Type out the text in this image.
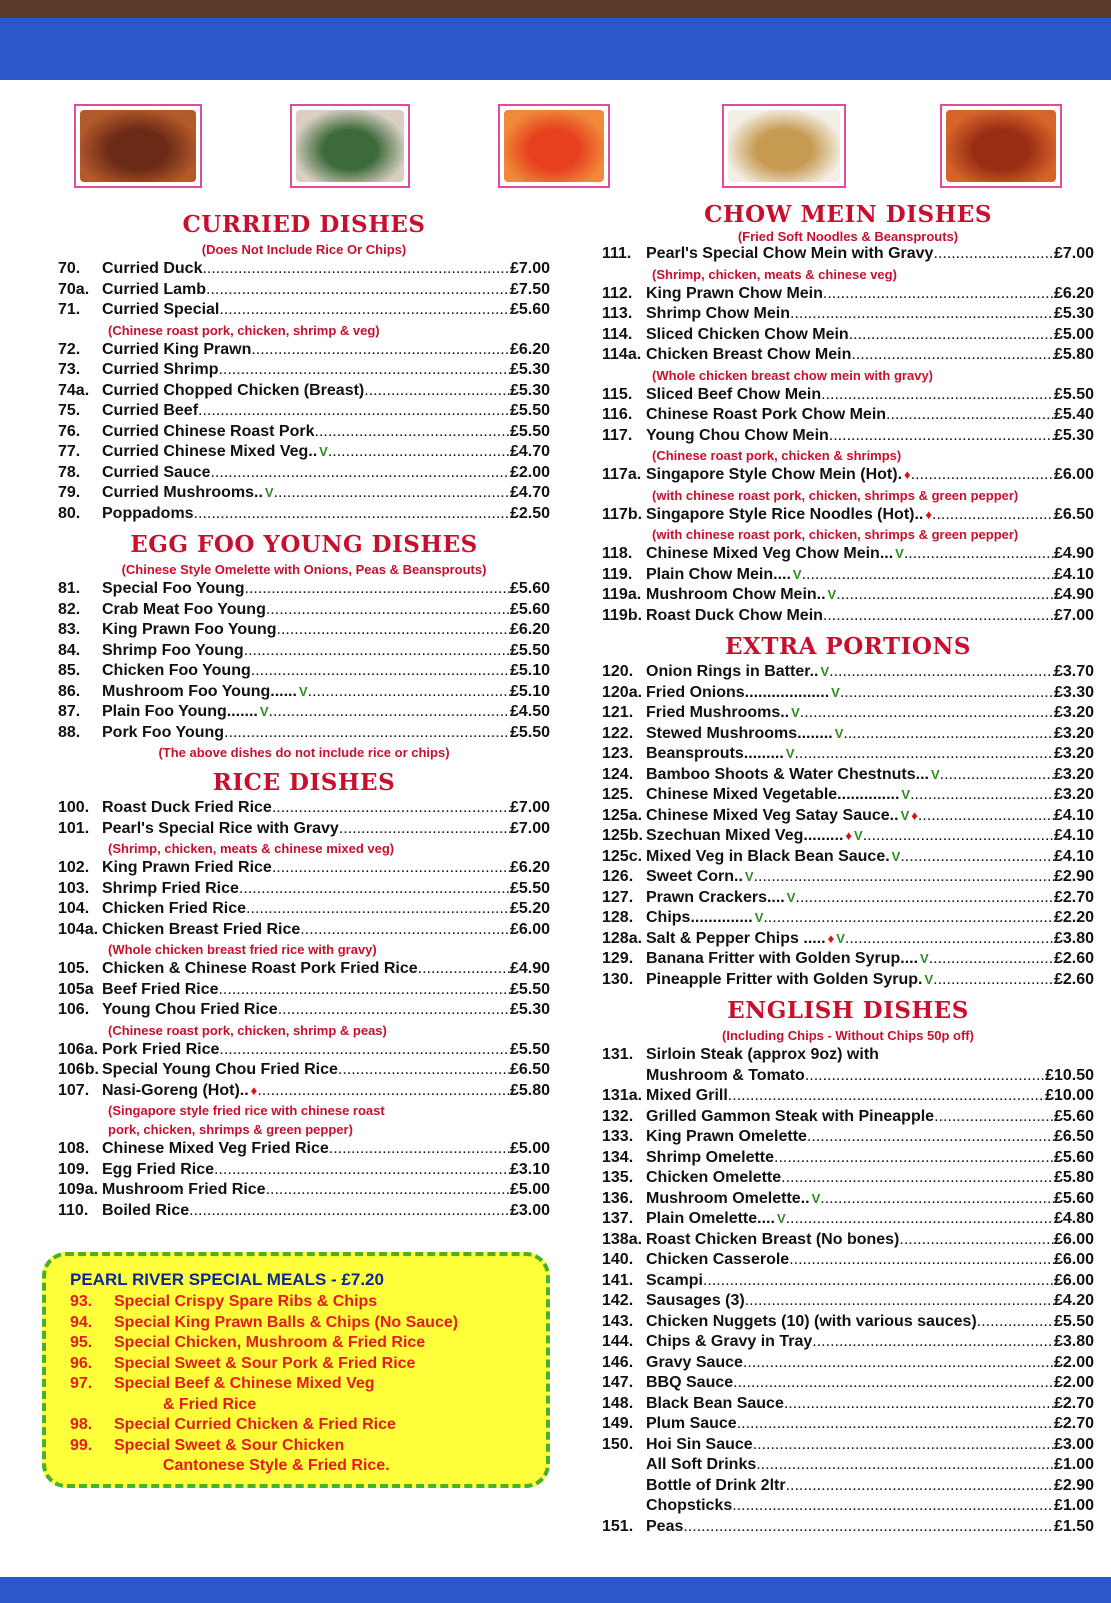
CURRIED DISHES
(Does Not Include Rice Or Chips)
70.	Curried Duck .....	£7.00
70a. Curried Lamb .....	£7.50
71.	Curried Special .....	£5.60
(Chinese roast pork, chicken, shrimp & veg)
72.	Curried King Prawn .....	£6.20
73.	Curried Shrimp .....	£5.30
74a. Curried Chopped Chicken (Breast) .....	£5.30
75.	Curried Beef .....	£5.50
76.	Curried Chinese Roast Pork .....	£5.50
77.	Curried Chinese Mixed Veg.. V .....	£4.70
78.	Curried Sauce .....	£2.00
79.	Curried Mushrooms.. V .....	£4.70
80.	Poppadoms .....	£2.50
EGG FOO YOUNG DISHES
(Chinese Style Omelette with Onions, Peas & Beansprouts)
81.	Special Foo Young .....	£5.60
82.	Crab Meat Foo Young .....	£5.60
83.	King Prawn Foo Young .....	£6.20
84.	Shrimp Foo Young .....	£5.50
85.	Chicken Foo Young .....	£5.10
86.	Mushroom Foo Young...... V .....	£5.10
87.	Plain Foo Young....... V .....	£4.50
88.	Pork Foo Young .....	£5.50
(The above dishes do not include rice or chips)
RICE DISHES
100. Roast Duck Fried Rice .....	£7.00
101. Pearl's Special Rice with Gravy .....	£7.00
(Shrimp, chicken, meats & chinese mixed veg)
102. King Prawn Fried Rice .....	£6.20
103. Shrimp Fried Rice .....	£5.50
104. Chicken Fried Rice .....	£5.20
104a. Chicken Breast Fried Rice .....	£6.00
(Whole chicken breast fried rice with gravy)
105. Chicken & Chinese Roast Pork Fried Rice .....	£4.90
105a Beef Fried Rice .....	£5.50
106. Young Chou Fried Rice .....	£5.30
(Chinese roast pork, chicken, shrimp & peas)
106a. Pork Fried Rice .....	£5.50
106b. Special Young Chou Fried Rice .....	£6.50
107. Nasi-Goreng (Hot).. ♦ .....	£5.80
(Singapore style fried rice with chinese roast
pork, chicken, shrimps & green pepper)
108. Chinese Mixed Veg Fried Rice .....	£5.00
109. Egg Fried Rice .....	£3.10
109a. Mushroom Fried Rice .....	£5.00
110. Boiled Rice .....	£3.00
CHOW MEIN DISHES
(Fried Soft Noodles & Beansprouts)
111. Pearl's Special Chow Mein with Gravy .....	£7.00
(Shrimp, chicken, meats & chinese veg)
112. King Prawn Chow Mein .....	£6.20
113. Shrimp Chow Mein .....	£5.30
114. Sliced Chicken Chow Mein .....	£5.00
114a. Chicken Breast Chow Mein .....	£5.80
(Whole chicken breast chow mein with gravy)
115. Sliced Beef Chow Mein .....	£5.50
116. Chinese Roast Pork Chow Mein .....	£5.40
117. Young Chou Chow Mein .....	£5.30
(Chinese roast pork, chicken & shrimps)
117a. Singapore Style Chow Mein (Hot). ♦ .....	£6.00
(with chinese roast pork, chicken, shrimps & green pepper)
117b. Singapore Style Rice Noodles (Hot).. ♦ .....	£6.50
(with chinese roast pork, chicken, shrimps & green pepper)
118. Chinese Mixed Veg Chow Mein... V .....	£4.90
119. Plain Chow Mein.... V .....	£4.10
119a. Mushroom Chow Mein.. V .....	£4.90
119b. Roast Duck Chow Mein .....	£7.00
EXTRA PORTIONS
120. Onion Rings in Batter.. V .....	£3.70
120a. Fried Onions................... V .....	£3.30
121. Fried Mushrooms.. V .....	£3.20
122. Stewed Mushrooms........ V .....	£3.20
123. Beansprouts......... V .....	£3.20
124. Bamboo Shoots & Water Chestnuts... V .....	£3.20
125. Chinese Mixed Vegetable.............. V .....	£3.20
125a. Chinese Mixed Veg Satay Sauce.. V ♦ .....	£4.10
125b. Szechuan Mixed Veg......... ♦ V .....	£4.10
125c. Mixed Veg in Black Bean Sauce. V .....	£4.10
126. Sweet Corn.. V .....	£2.90
127. Prawn Crackers.... V .....	£2.70
128. Chips.............. V .....	£2.20
128a. Salt & Pepper Chips ..... ♦ V .....	£3.80
129. Banana Fritter with Golden Syrup.... V .....	£2.60
130. Pineapple Fritter with Golden Syrup. V .....	£2.60
ENGLISH DISHES
(Including Chips - Without Chips 50p off)
131. Sirloin Steak (approx 9oz) with
Mushroom & Tomato .....	£10.50
131a. Mixed Grill .....	£10.00
132. Grilled Gammon Steak with Pineapple .....	£5.60
133. King Prawn Omelette .....	£6.50
134. Shrimp Omelette .....	£5.60
135. Chicken Omelette .....	£5.80
136. Mushroom Omelette.. V .....	£5.60
137. Plain Omelette.... V .....	£4.80
138a. Roast Chicken Breast (No bones) .....	£6.00
140. Chicken Casserole .....	£6.00
141. Scampi .....	£6.00
142. Sausages (3) .....	£4.20
143. Chicken Nuggets (10) (with various sauces) .....	£5.50
144. Chips & Gravy in Tray .....	£3.80
146. Gravy Sauce .....	£2.00
147. BBQ Sauce .....	£2.00
148. Black Bean Sauce .....	£2.70
149. Plum Sauce .....	£2.70
150. Hoi Sin Sauce .....	£3.00
All Soft Drinks .....	£1.00
Bottle of Drink 2ltr .....	£2.90
Chopsticks .....	£1.00
151. Peas .....	£1.50
PEARL RIVER SPECIAL MEALS - £7.20
93.	Special Crispy Spare Ribs & Chips
94.	Special King Prawn Balls & Chips (No Sauce)
95.	Special Chicken, Mushroom & Fried Rice
96.	Special Sweet & Sour Pork & Fried Rice
97.	Special Beef & Chinese Mixed Veg
& Fried Rice
98.	Special Curried Chicken & Fried Rice
99.	Special Sweet & Sour Chicken
Cantonese Style & Fried Rice.
